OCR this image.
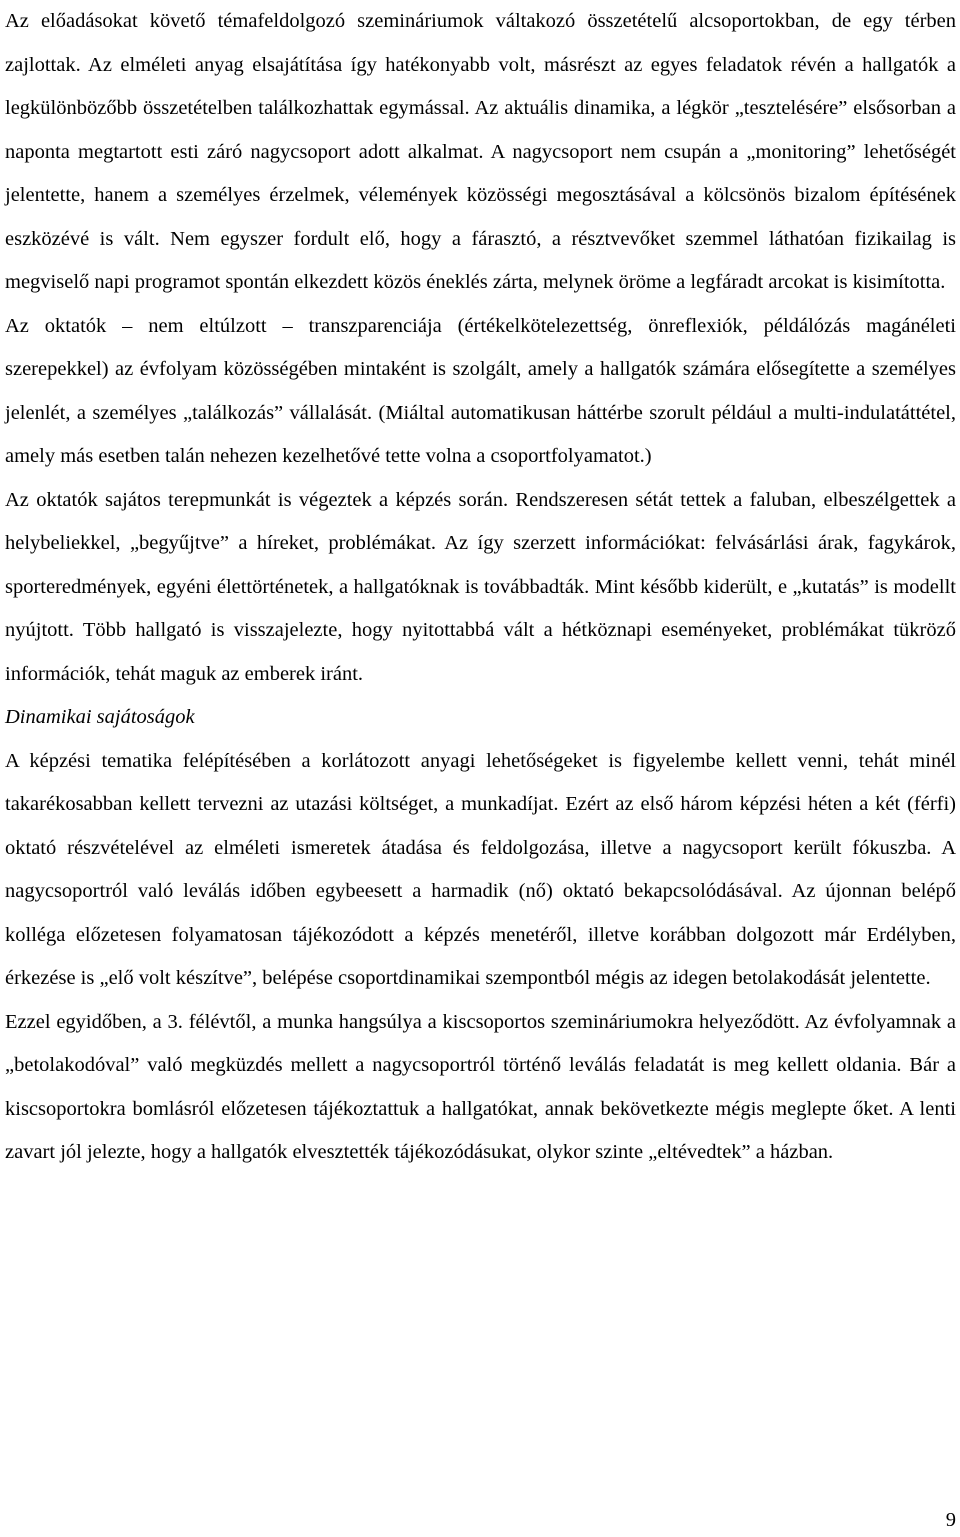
Az előadásokat követő témafeldolgozó szemináriumok váltakozó összetételű alcsoportokban, de egy térben zajlottak. Az elméleti anyag elsajátítása így hatékonyabb volt, másrészt az egyes feladatok révén a hallgatók a legkülönbözőbb összetételben találkozhattak egymással. Az aktuális dinamika, a légkör „tesztelésére” elsősorban a naponta megtartott esti záró nagycsoport adott alkalmat. A nagycsoport nem csupán a „monitoring” lehetőségét jelentette, hanem a személyes érzelmek, vélemények közösségi megosztásával a kölcsönös bizalom építésének eszközévé is vált. Nem egyszer fordult elő, hogy a fárasztó, a résztvevőket szemmel láthatóan fizikailag is megviselő napi programot spontán elkezdett közös éneklés zárta, melynek öröme a legfáradt arcokat is kisimította.

Az oktatók – nem eltúlzott – transzparenciája (értékelkötelezettség, önreflexiók, példálózás magánéleti szerepekkel) az évfolyam közösségében mintaként is szolgált, amely a hallgatók számára elősegítette a személyes jelenlét, a személyes „találkozás” vállalását. (Miáltal automatikusan háttérbe szorult például a multi-indulatáttétel, amely más esetben talán nehezen kezelhetővé tette volna a csoportfolyamatot.)

Az oktatók sajátos terepmunkát is végeztek a képzés során. Rendszeresen sétát tettek a faluban, elbeszélgettek a helybeliekkel, „begyűjtve” a híreket, problémákat. Az így szerzett információkat: felvásárlási árak, fagykárok, sporteredmények, egyéni élettörténetek, a hallgatóknak is továbbadták. Mint később kiderült, e „kutatás” is modellt nyújtott. Több hallgató is visszajelezte, hogy nyitottabbá vált a hétköznapi eseményeket, problémákat tükröző információk, tehát maguk az emberek iránt.

Dinamikai sajátoságok

A képzési tematika felépítésében a korlátozott anyagi lehetőségeket is figyelembe kellett venni, tehát minél takarékosabban kellett tervezni az utazási költséget, a munkadíjat. Ezért az első három képzési héten a két (férfi) oktató részvételével az elméleti ismeretek átadása és feldolgozása, illetve a nagycsoport került fókuszba. A nagycsoportról való leválás időben egybeesett a harmadik (nő) oktató bekapcsolódásával. Az újonnan belépő kolléga előzetesen folyamatosan tájékozódott a képzés menetéről, illetve korábban dolgozott már Erdélyben, érkezése is „elő volt készítve”, belépése csoportdinamikai szempontból mégis az idegen betolakodását jelentette.

Ezzel egyidőben, a 3. félévtől, a munka hangsúlya a kiscsoportos szemináriumokra helyeződött. Az évfolyamnak a „betolakodóval” való megküzdés mellett a nagycsoportról történő leválás feladatát is meg kellett oldania. Bár a kiscsoportokra bomlásról előzetesen tájékoztattuk a hallgatókat, annak bekövetkezte mégis meglepte őket. A lenti zavart jól jelezte, hogy a hallgatók elvesztették tájékozódásukat, olykor szinte „eltévedtek” a házban.

9
